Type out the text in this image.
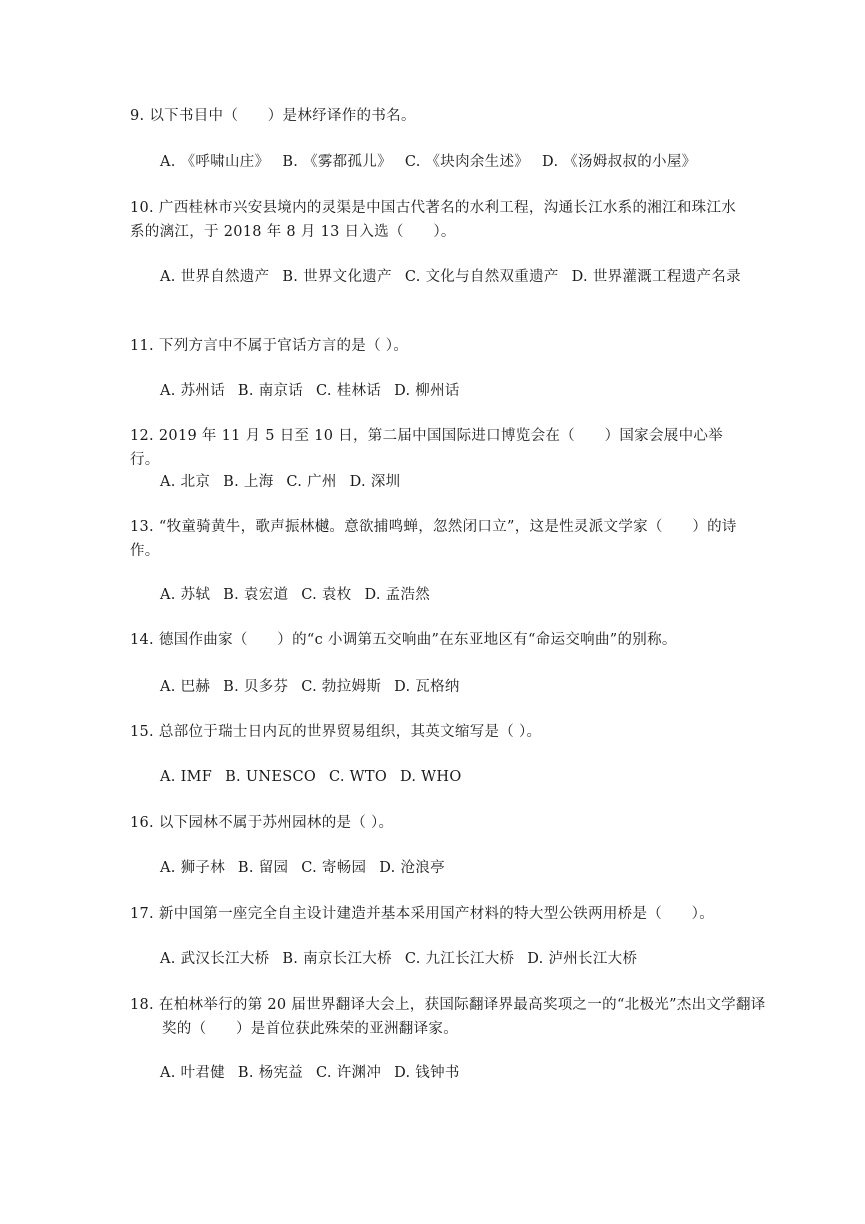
9. 以下书目中（　　）是林纾译作的书名。

A. 《呼啸山庄》 B. 《雾都孤儿》 C. 《块肉余生述》 D. 《汤姆叔叔的小屋》

10. 广西桂林市兴安县境内的灵渠是中国古代著名的水利工程，沟通长江水系的湘江和珠江水系的漓江，于 2018 年 8 月 13 日入选（　　）。

A. 世界自然遗产 B. 世界文化遗产 C. 文化与自然双重遗产 D. 世界灌溉工程遗产名录

11. 下列方言中不属于官话方言的是（ ）。

A. 苏州话 B. 南京话 C. 桂林话 D. 柳州话

12. 2019 年 11 月 5 日至 10 日，第二届中国国际进口博览会在（　　）国家会展中心举行。

A. 北京 B. 上海 C. 广州 D. 深圳

13. “牧童骑黄牛，歌声振林樾。意欲捕鸣蝉，忽然闭口立”，这是性灵派文学家（　　）的诗作。

A. 苏轼 B. 袁宏道 C. 袁枚 D. 孟浩然

14. 德国作曲家（　　）的“c 小调第五交响曲”在东亚地区有“命运交响曲”的别称。

A. 巴赫 B. 贝多芬 C. 勃拉姆斯 D. 瓦格纳

15. 总部位于瑞士日内瓦的世界贸易组织，其英文缩写是（ ）。

A. IMF B. UNESCO C. WTO D. WHO

16. 以下园林不属于苏州园林的是（ ）。

A. 狮子林 B. 留园 C. 寄畅园 D. 沧浪亭

17. 新中国第一座完全自主设计建造并基本采用国产材料的特大型公铁两用桥是（　　）。

A. 武汉长江大桥 B. 南京长江大桥 C. 九江长江大桥 D. 泸州长江大桥

18. 在柏林举行的第 20 届世界翻译大会上，获国际翻译界最高奖项之一的“北极光”杰出文学翻译奖的（　　）是首位获此殊荣的亚洲翻译家。

A. 叶君健 B. 杨宪益 C. 许渊冲 D. 钱钟书
